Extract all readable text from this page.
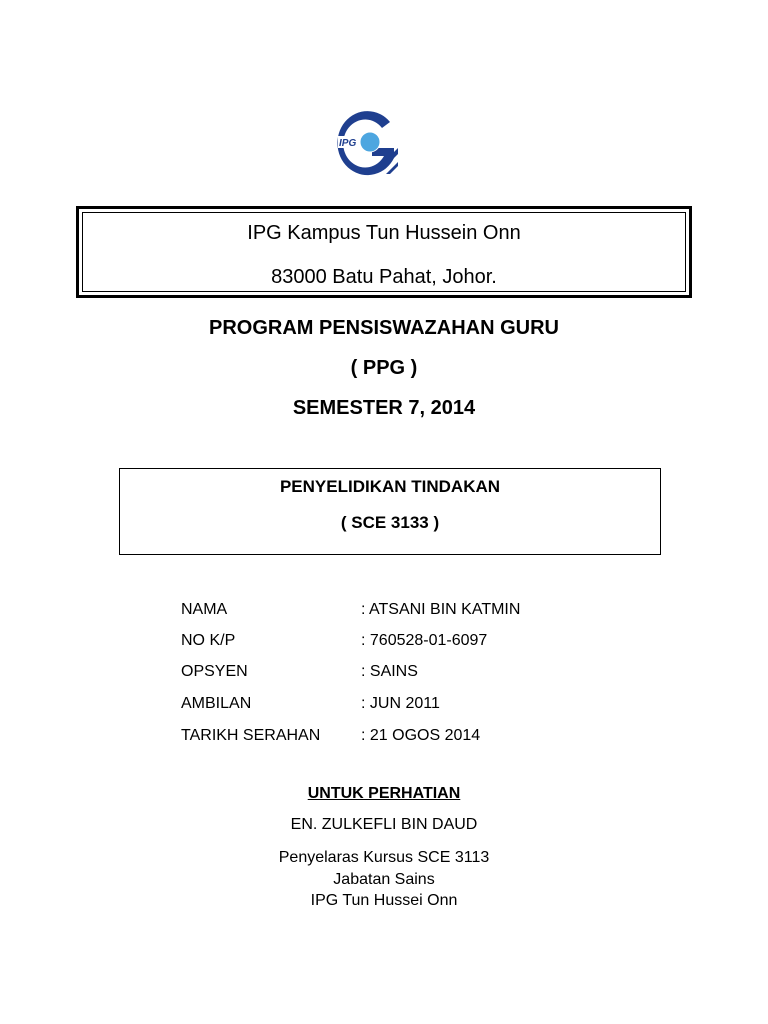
IPG
IPG Kampus Tun Hussein Onn
83000 Batu Pahat, Johor.
PROGRAM PENSISWAZAHAN GURU
( PPG )
SEMESTER 7, 2014
PENYELIDIKAN TINDAKAN
( SCE 3133 )
NAMA	: ATSANI BIN KATMIN
NO K/P	: 760528-01-6097
OPSYEN	: SAINS
AMBILAN	: JUN 2011
TARIKH SERAHAN	: 21 OGOS 2014
UNTUK PERHATIAN
EN. ZULKEFLI BIN DAUD
Penyelaras Kursus SCE 3113
Jabatan Sains
IPG Tun Hussei Onn
